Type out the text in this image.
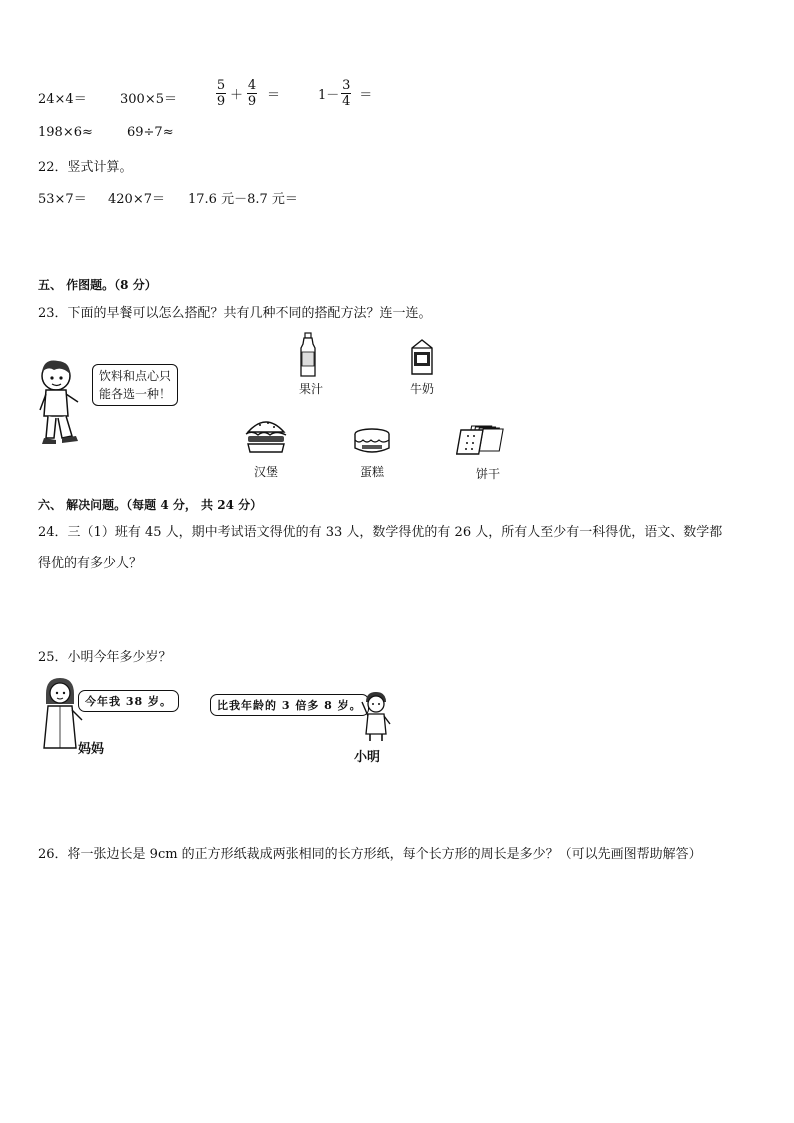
24×4＝	300×5＝	$\frac{5}{9} + \frac{4}{9}$ ＝	$1- \frac{3}{4}$ ＝
198×6≈	69÷7≈
22．竖式计算。
53×7＝ 420×7＝ 17.6 元－8.7 元＝
五、 作图题。（8 分）
23．下面的早餐可以怎么搭配？共有几种不同的搭配方法？连一连。
饮料和点心只
能各选一种！	果汁	牛奶
汉堡	蛋糕	饼干
六、 解决问题。（每题 4 分， 共 24 分）
24．三（1）班有 45 人，期中考试语文得优的有 33 人，数学得优的有 26 人，所有人至少有一科得优，语文、数学都
得优的有多少人？
25．小明今年多少岁？
今年我 38 岁。
妈妈
比我年龄的 3 倍多 8 岁。
小明
26．将一张边长是 9cm 的正方形纸裁成两张相同的长方形纸，每个长方形的周长是多少？（可以先画图帮助解答）
